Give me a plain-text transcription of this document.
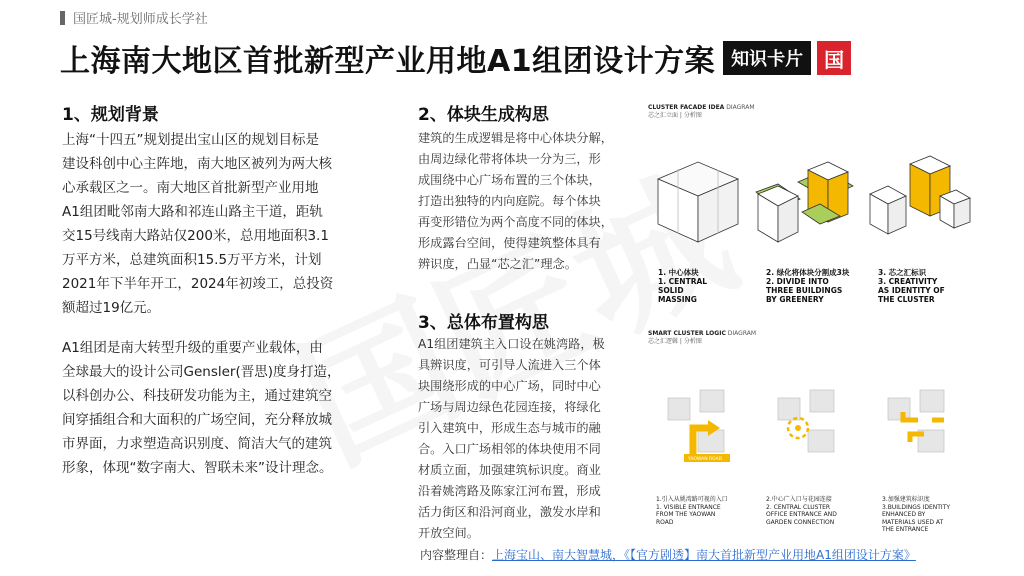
国匠城-规划师成长学社
上海南大地区首批新型产业用地A1组团设计方案 知识卡片	国
1、规划背景
上海“十四五”规划提出宝山区的规划目标是
建设科创中心主阵地，南大地区被列为两大核
心承载区之一。南大地区首批新型产业用地
A1组团毗邻南大路和祁连山路主干道，距轨
交15号线南大路站仅200米，总用地面积3.1
万平方米，总建筑面积15.5万平方米，计划
2021年下半年开工，2024年初竣工，总投资
额超过19亿元。
A1组团是南大转型升级的重要产业载体，由
全球最大的设计公司Gensler(晋思)度身打造，
以科创办公、科技研发功能为主，通过建筑空
间穿插组合和大面积的广场空间，充分释放城
市界面，力求塑造高识别度、简洁大气的建筑
形象，体现“数字南大、智联未来”设计理念。
2、体块生成构思
建筑的生成逻辑是将中心体块分解，
由周边绿化带将体块一分为三，形
成围绕中心广场布置的三个体块，
打造出独特的内向庭院。每个体块
再变形错位为两个高度不同的体块，
形成露台空间，使得建筑整体具有
辨识度，凸显“芯之汇”理念。
3、总体布置构思
A1组团建筑主入口设在姚湾路，极
具辨识度，可引导人流进入三个体
块围绕形成的中心广场，同时中心
广场与周边绿色花园连接，将绿化
引入建筑中，形成生态与城市的融
合。入口广场相邻的体块使用不同
材质立面，加强建筑标识度。商业
沿着姚湾路及陈家江河布置，形成
活力街区和沿河商业，激发水岸和
开放空间。
CLUSTER FACADE IDEA DIAGRAM
芯之汇立面 | 分析图
1. 中心体块
1. CENTRAL
SOLID
MASSING
2. 绿化将体块分割成3块
2. DIVIDE INTO
THREE BUILDINGS
BY GREENERY
3. 芯之汇标识
3. CREATIVITY
AS IDENTITY OF
THE CLUSTER
SMART CLUSTER LOGIC DIAGRAM
芯之汇逻辑 | 分析图
YAOWAN ROAD
1.引入从姚湾路可视的入口
1. VISIBLE ENTRANCE
FROM THE YAOWAN
ROAD
2.中心广入口与花园连接
2. CENTRAL CLUSTER
OFFICE ENTRANCE AND
GARDEN CONNECTION
3.加强建筑标识度
3.BUILDINGS IDENTITY
ENHANCED BY
MATERIALS USED AT
THE ENTRANCE
内容整理自：上海宝山、南大智慧城，《【官方剧透】南大首批新型产业用地A1组团设计方案》
